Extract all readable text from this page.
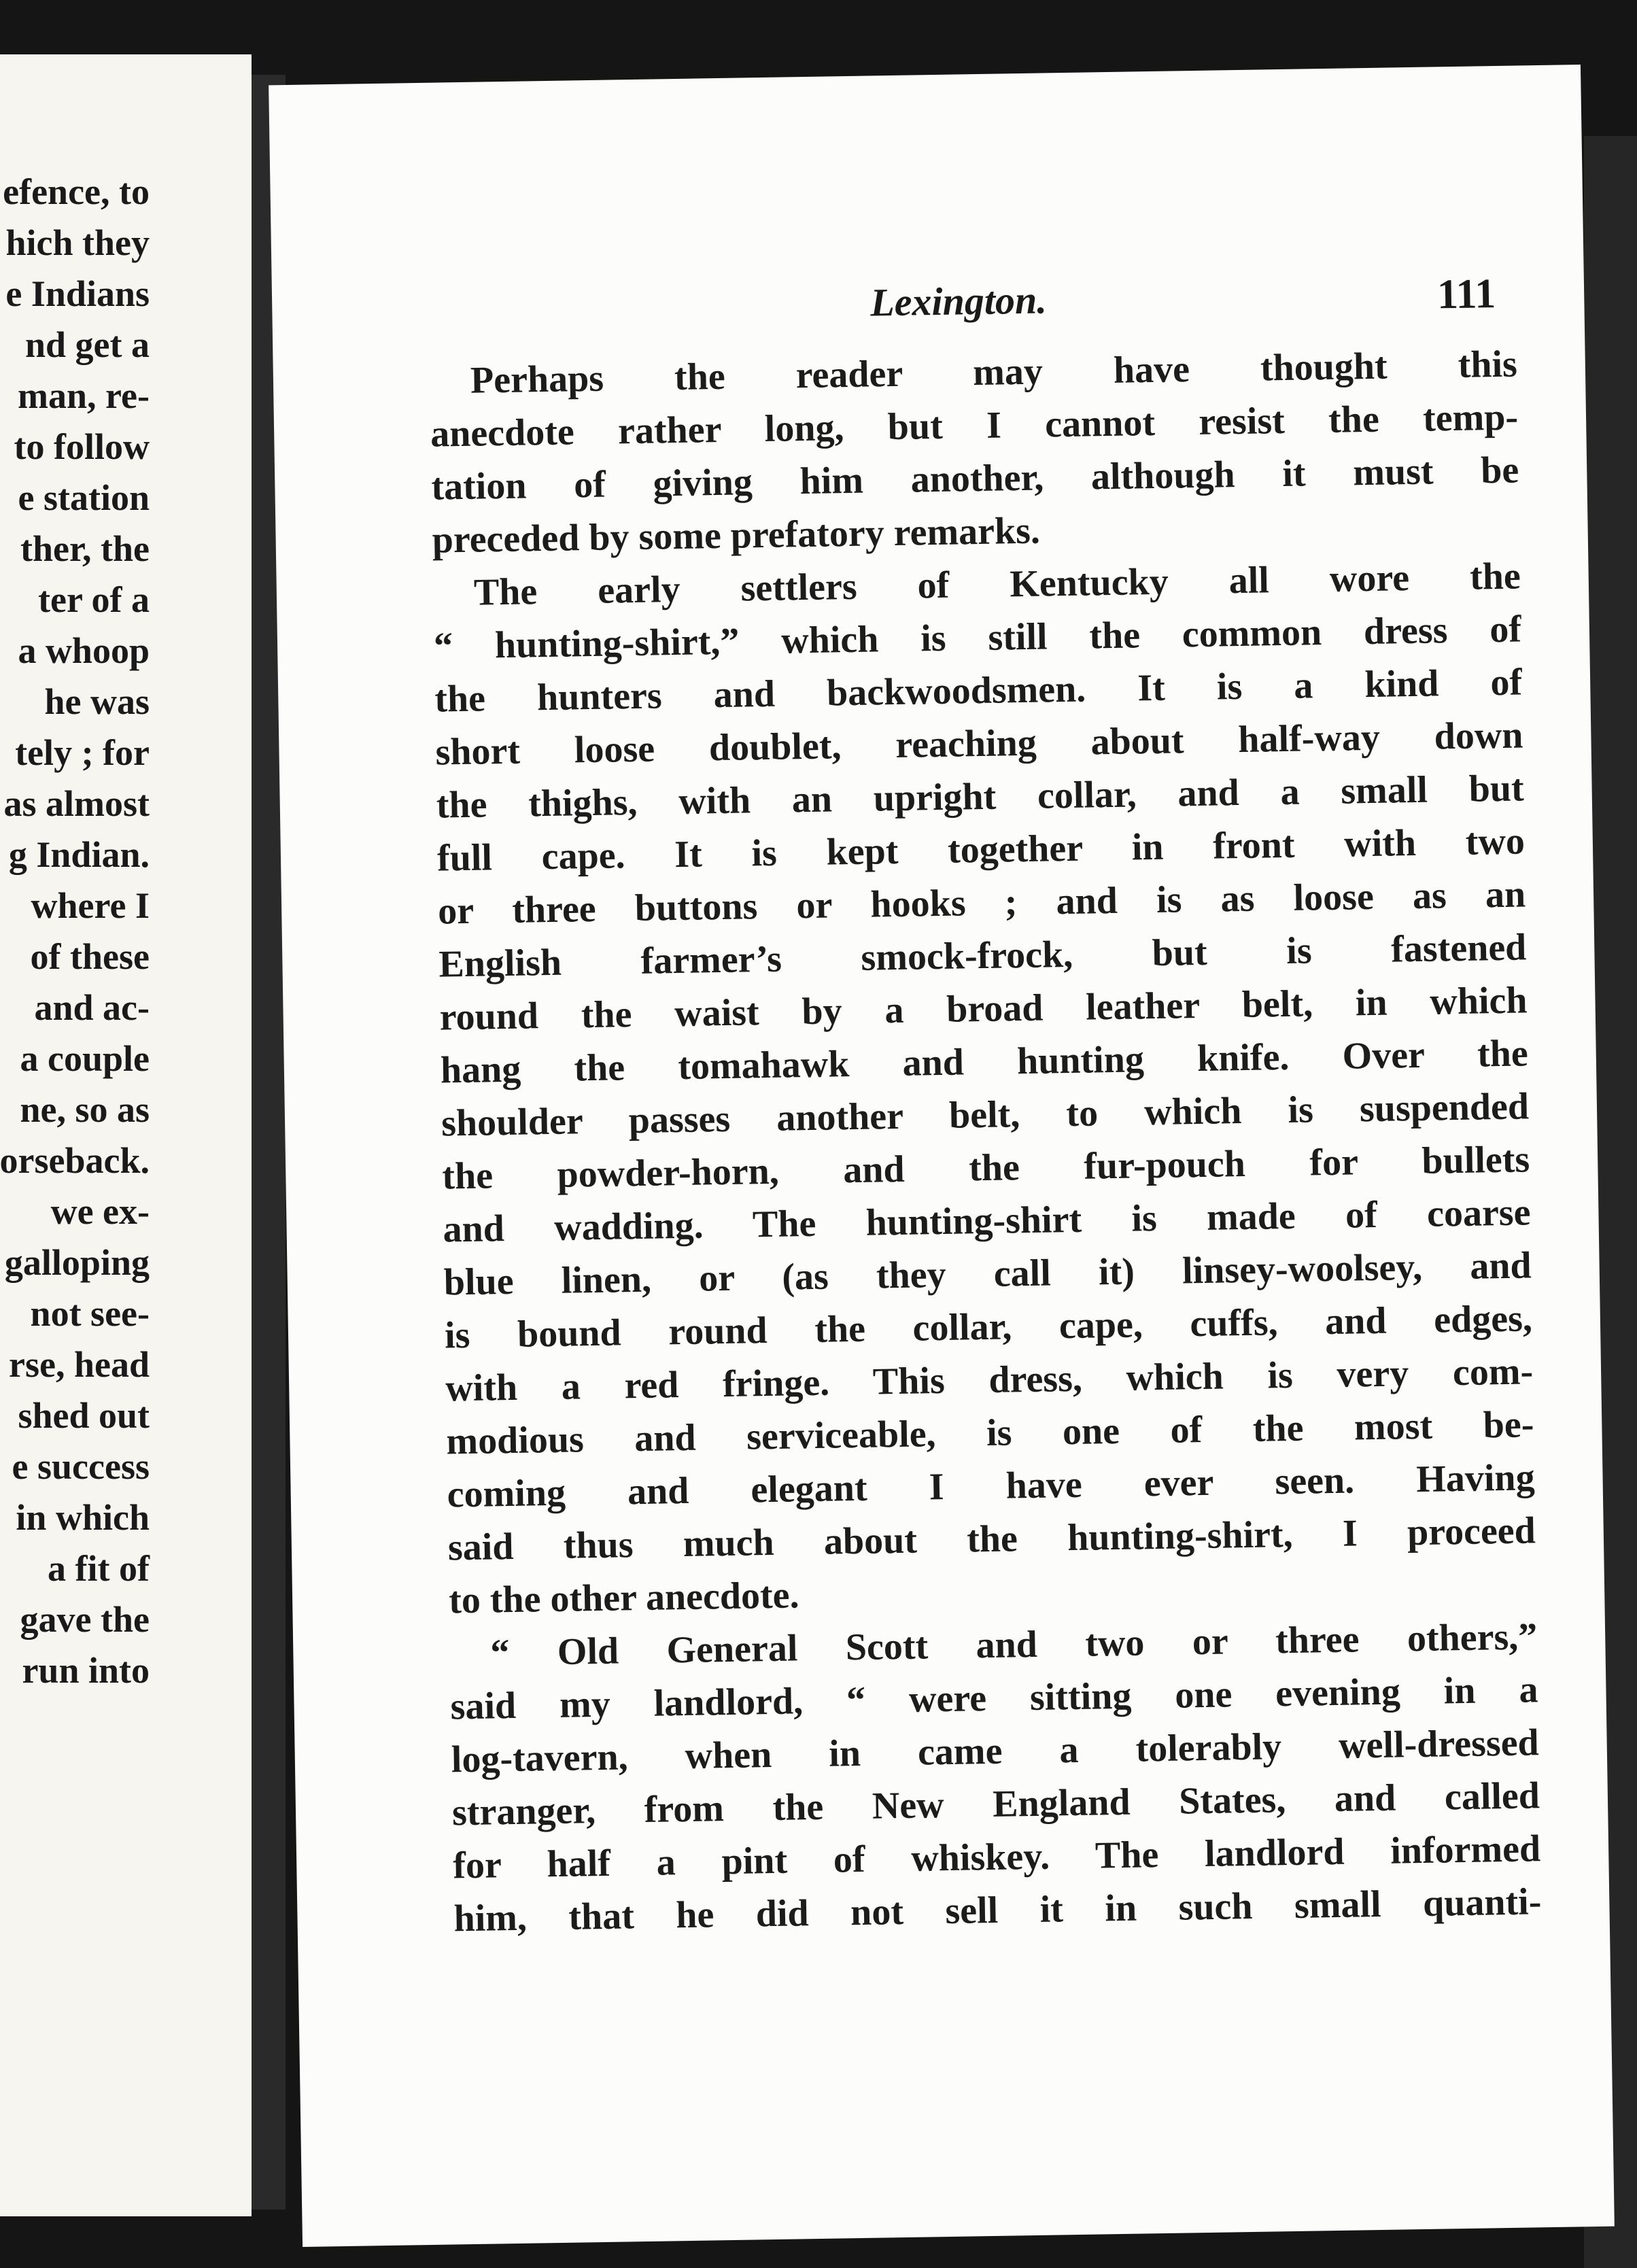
efence, to
hich they
e Indians
nd get a
man, re-
to follow
e station
ther, the
ter of a
a whoop
he was
tely ; for
as almost
g Indian.
where I
of these
and ac-
a couple
ne, so as
orseback.
we ex-
galloping
not see-
rse, head
shed out
e success
in which
a fit of
gave the
run into
Lexington.	111
Perhaps the reader may have thought this
anecdote rather long, but I cannot resist the temp-
tation of giving him another, although it must be
preceded by some prefatory remarks.
The early settlers of Kentucky all wore the
“ hunting-shirt,” which is still the common dress of
the hunters and backwoodsmen. It is a kind of
short loose doublet, reaching about half-way down
the thighs, with an upright collar, and a small but
full cape. It is kept together in front with two
or three buttons or hooks ; and is as loose as an
English farmer’s smock-frock, but is fastened
round the waist by a broad leather belt, in which
hang the tomahawk and hunting knife. Over the
shoulder passes another belt, to which is suspended
the powder-horn, and the fur-pouch for bullets
and wadding. The hunting-shirt is made of coarse
blue linen, or (as they call it) linsey-woolsey, and
is bound round the collar, cape, cuffs, and edges,
with a red fringe. This dress, which is very com-
modious and serviceable, is one of the most be-
coming and elegant I have ever seen. Having
said thus much about the hunting-shirt, I proceed
to the other anecdote.
“ Old General Scott and two or three others,”
said my landlord, “ were sitting one evening in a
log-tavern, when in came a tolerably well-dressed
stranger, from the New England States, and called
for half a pint of whiskey. The landlord informed
him, that he did not sell it in such small quanti-
